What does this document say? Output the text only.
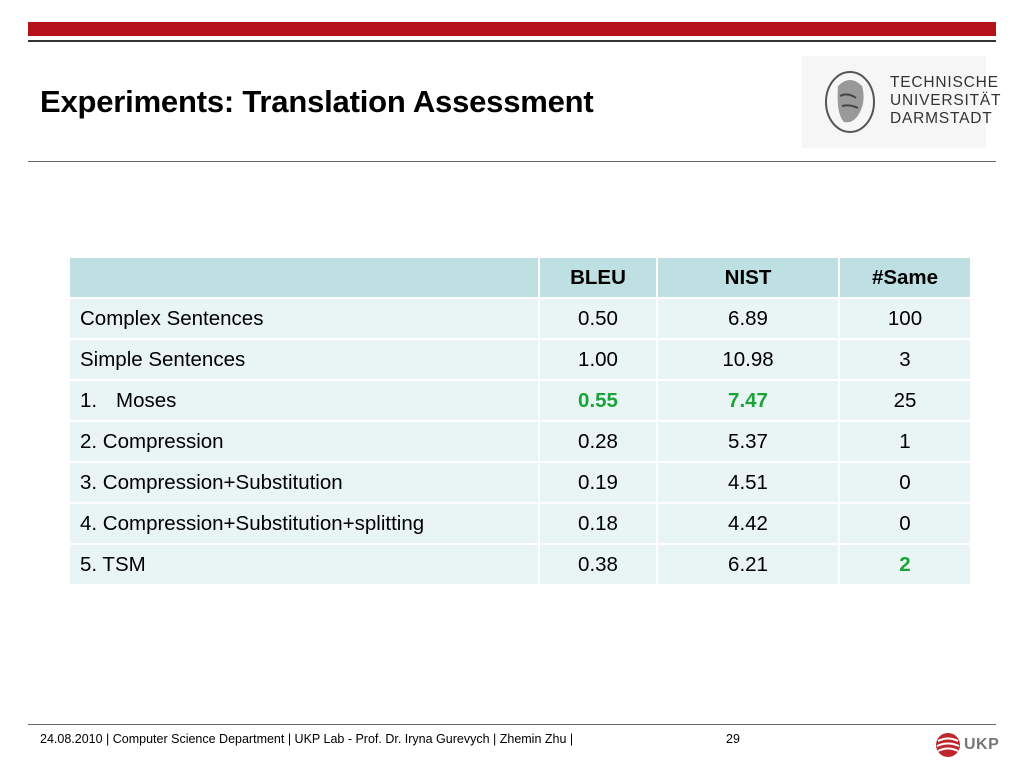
Experiments: Translation Assessment
TECHNISCHE
UNIVERSITÄT
DARMSTADT
	BLEU	NIST	#Same
Complex Sentences	0.50	6.89	100
Simple Sentences	1.00	10.98	3
1. Moses	0.55	7.47	25
2. Compression	0.28	5.37	1
3. Compression+Substitution	0.19	4.51	0
4. Compression+Substitution+splitting	0.18	4.42	0
5. TSM	0.38	6.21	2
24.08.2010 | Computer Science Department | UKP Lab - Prof. Dr. Iryna Gurevych | Zhemin Zhu |	29	UKP
